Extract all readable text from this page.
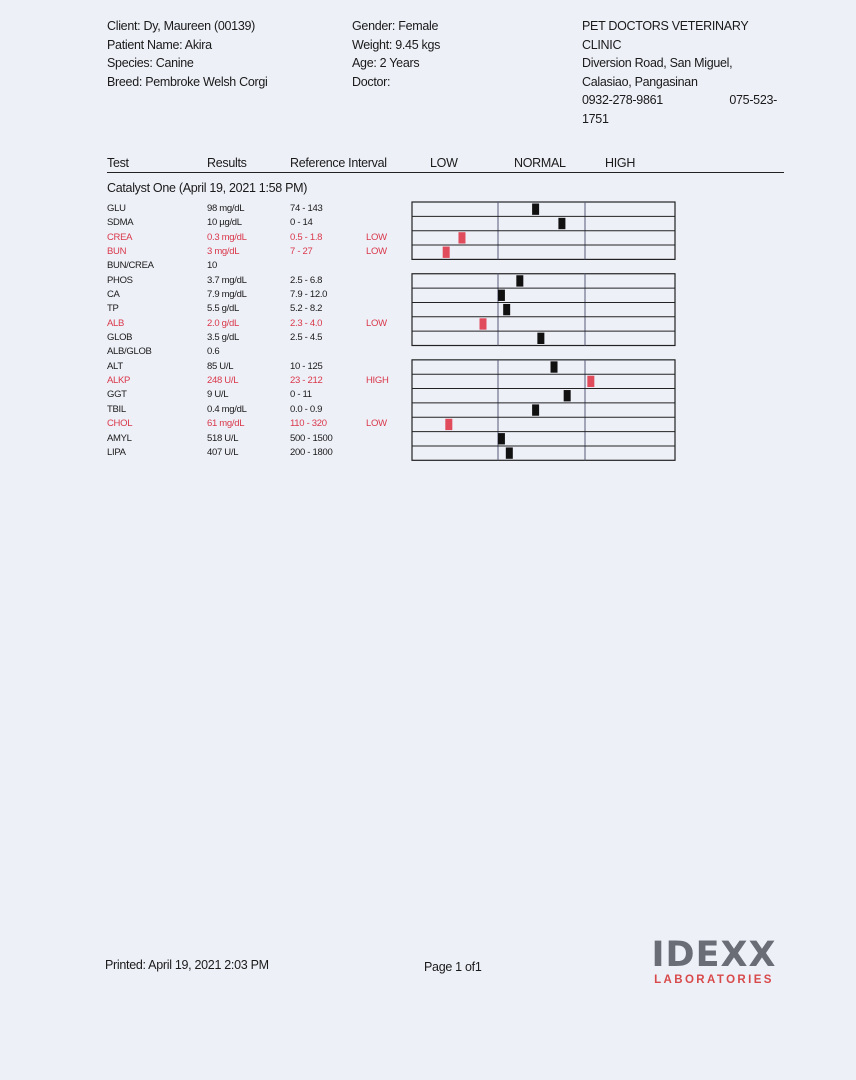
Client: Dy, Maureen (00139)
Patient Name: Akira
Species: Canine
Breed: Pembroke Welsh Corgi
Gender: Female
Weight: 9.45 kgs
Age: 2 Years
Doctor:
PET DOCTORS VETERINARY CLINIC
Diversion Road, San Miguel, Calasiao, Pangasinan
0932-278-9861	075-523-
1751
Test	Results	Reference Interval	LOW	NORMAL	HIGH
Catalyst One (April 19, 2021 1:58 PM)
GLU	98 mg/dL	74 - 143
SDMA	10 µg/dL	0 - 14
CREA	0.3 mg/dL	0.5 - 1.8	LOW
BUN	3 mg/dL	7 - 27	LOW
BUN/CREA	10
PHOS	3.7 mg/dL	2.5 - 6.8
CA	7.9 mg/dL	7.9 - 12.0
TP	5.5 g/dL	5.2 - 8.2
ALB	2.0 g/dL	2.3 - 4.0	LOW
GLOB	3.5 g/dL	2.5 - 4.5
ALB/GLOB	0.6
ALT	85 U/L	10 - 125
ALKP	248 U/L	23 - 212	HIGH
GGT	9 U/L	0 - 11
TBIL	0.4 mg/dL	0.0 - 0.9
CHOL	61 mg/dL	110 - 320	LOW
AMYL	518 U/L	500 - 1500
LIPA	407 U/L	200 - 1800
Printed: April 19, 2021 2:03 PM	Page 1 of1	IDEXX
LABORATORIES
